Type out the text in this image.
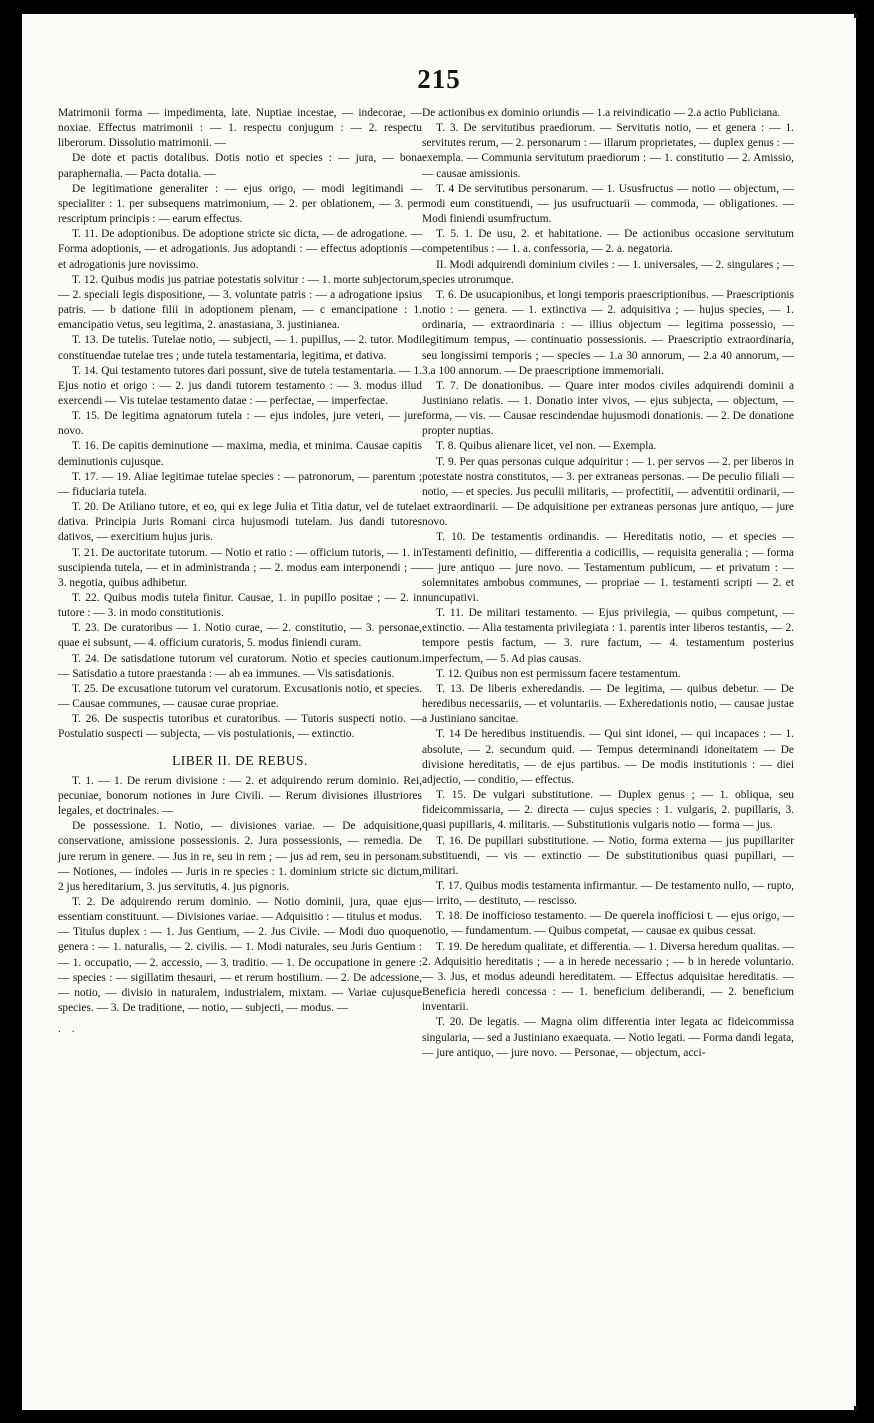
215

Matrimonii forma — impedimenta, late. Nuptiae incestae, — indecorae, — noxiae. Effectus matrimonii : — 1. respectu conjugum : — 2. respectu liberorum. Dissolutio matrimonii. —

De dote et pactis dotalibus. Dotis notio et species : — jura, — bona paraphernalia. — Pacta dotalia. —

De legitimatione generaliter : — ejus origo, — modi legitimandi — specialiter : 1. per subsequens matrimonium, — 2. per oblationem, — 3. per rescriptum principis : — earum effectus.

T. 11. De adoptionibus. De adoptione stricte sic dicta, — de adrogatione. — Forma adoptionis, — et adrogationis. Jus adoptandi : — effectus adoptionis — et adrogationis jure novissimo.

T. 12. Quibus modis jus patriae potestatis solvitur : — 1. morte subjectorum, — 2. speciali legis dispositione, — 3. voluntate patris : — a adrogatione ipsius patris. — b datione filii in adoptionem plenam, — c emancipatione : 1. emancipatio vetus, seu legitima, 2. anastasiana, 3. justinianea.

T. 13. De tutelis. Tutelae notio, — subjecti, — 1. pupillus, — 2. tutor. Modi constituendae tutelae tres ; unde tutela testamentaria, legitima, et dativa.

T. 14. Qui testamento tutores dari possunt, sive de tutela testamentaria. — 1. Ejus notio et origo : — 2. jus dandi tutorem testamento : — 3. modus illud exercendi — Vis tutelae testamento datae : — perfectae, — imperfectae.

T. 15. De legitima agnatorum tutela : — ejus indoles, jure veteri, — jure novo.

T. 16. De capitis deminutione — maxima, media, et minima. Causae capitis deminutionis cujusque.

T. 17. — 19. Aliae legitimae tutelae species : — patronorum, — parentum ; — fiduciaria tutela.

T. 20. De Atiliano tutore, et eo, qui ex lege Julia et Titia datur, vel de tutela dativa. Principia Juris Romani circa hujusmodi tutelam. Jus dandi tutores dativos, — exercitium hujus juris.

T. 21. De auctoritate tutorum. — Notio et ratio : — officium tutoris, — 1. in suscipienda tutela, — et in administranda ; — 2. modus eam interponendi ; — 3. negotia, quibus adhibetur.

T. 22. Quibus modis tutela finitur. Causae, 1. in pupillo positae ; — 2. in tutore : — 3. in modo constitutionis.

T. 23. De curatoribus — 1. Notio curae, — 2. constitutio, — 3. personae, quae ei subsunt, — 4. officium curatoris, 5. modus finiendi curam.

T. 24. De satisdatione tutorum vel curatorum. Notio et species cautionum. — Satisdatio a tutore praestanda : — ab ea immunes. — Vis satisdationis.

T. 25. De excusatione tutorum vel curatorum. Excusationis notio, et species. — Causae communes, — causae curae propriae.

T. 26. De suspectis tutoribus et curatoribus. — Tutoris suspecti notio. — Postulatio suspecti — subjecta, — vis postulationis, — extinctio.

LIBER II. DE REBUS.

T. 1. — 1. De rerum divisione : — 2. et adquirendo rerum dominio. Rei, pecuniae, bonorum notiones in Jure Civili. — Rerum divisiones illustriores legales, et doctrinales. —

De possessione. 1. Notio, — divisiones variae. — De adquisitione, conservatione, amissione possessionis. 2. Jura possessionis, — remedia. De jure rerum in genere. — Jus in re, seu in rem ; — jus ad rem, seu in personam. — Notiones, — indoles — Juris in re species : 1. dominium stricte sic dictum, 2 jus hereditarium, 3. jus servitutis, 4. jus pignoris.

T. 2. De adquirendo rerum dominio. — Notio dominii, jura, quae ejus essentiam constituunt. — Divisiones variae. — Adquisitio : — titulus et modus. — Titulus duplex : — 1. Jus Gentium, — 2. Jus Civile. — Modi duo quoque genera : — 1. naturalis, — 2. civilis. — 1. Modi naturales, seu Juris Gentium : — 1. occupatio, — 2. accessio, — 3. traditio. — 1. De occupatione in genere : — species : — sigillatim thesauri, — et rerum hostilium. — 2. De adcessione, — notio, — divisio in naturalem, industrialem, mixtam. — Variae cujusque species. — 3. De traditione, — notio, — subjecti, — modus. —

. .

De actionibus ex dominio oriundis — 1.a reivindicatio — 2.a actio Publiciana.

T. 3. De servitutibus praediorum. — Servitutis notio, — et genera : — 1. servitutes rerum, — 2. personarum : — illarum proprietates, — duplex genus : — exempla. — Communia servitutum praediorum : — 1. constitutio — 2. Amissio, — causae amissionis.

T. 4 De servitutibus personarum. — 1. Ususfructus — notio — objectum, — modi eum constituendi, — jus usufructuarii — commoda, — obligationes. — Modi finiendi usumfructum.

T. 5. 1. De usu, 2. et habitatione. — De actionibus occasione servitutum competentibus : — 1. a. confessoria, — 2. a. negatoria.

II. Modi adquirendi dominium civiles : — 1. universales, — 2. singulares ; — species utrorumque.

T. 6. De usucapionibus, et longi temporis praescriptionibus. — Praescriptionis notio : — genera. — 1. extinctiva — 2. adquisitiva ; — hujus species, — 1. ordinaria, — extraordinaria : — illius objectum — legitima possessio, — legitimum tempus, — continuatio possessionis. — Praescriptio extraordinaria, seu longissimi temporis ; — species — 1.a 30 annorum, — 2.a 40 annorum, — 3.a 100 annorum. — De praescriptione immemoriali.

T. 7. De donationibus. — Quare inter modos civiles adquirendi dominii a Justiniano relatis. — 1. Donatio inter vivos, — ejus subjecta, — objectum, — forma, — vis. — Causae rescindendae hujusmodi donationis. — 2. De donatione propter nuptias.

T. 8. Quibus alienare licet, vel non. — Exempla.

T. 9. Per quas personas cuique adquiritur : — 1. per servos — 2. per liberos in potestate nostra constitutos, — 3. per extraneas personas. — De peculio filiali — notio, — et species. Jus peculii militaris, — profectitii, — adventitii ordinarii, — et extraordinarii. — De adquisitione per extraneas personas jure antiquo, — jure novo.

T. 10. De testamentis ordinandis. — Hereditatis notio, — et species — Testamenti definitio, — differentia a codicillis, — requisita generalia ; — forma — jure antiquo — jure novo. — Testamentum publicum, — et privatum : — solemnitates ambobus communes, — propriae — 1. testamenti scripti — 2. et nuncupativi.

T. 11. De militari testamento. — Ejus privilegia, — quibus competunt, — extinctio. — Alia testamenta privilegiata : 1. parentis inter liberos testantis, — 2. tempore pestis factum, — 3. rure factum, — 4. testamentum posterius imperfectum, — 5. Ad pias causas.

T. 12. Quibus non est permissum facere testamentum.

T. 13. De liberis exheredandis. — De legitima, — quibus debetur. — De heredibus necessariis, — et voluntariis. — Exheredationis notio, — causae justae a Justiniano sancitae.

T. 14 De heredibus instituendis. — Qui sint idonei, — qui incapaces : — 1. absolute, — 2. secundum quid. — Tempus determinandi idoneitatem — De divisione hereditatis, — de ejus partibus. — De modis institutionis : — diei adjectio, — conditio, — effectus.

T. 15. De vulgari substitutione. — Duplex genus ; — 1. obliqua, seu fideicommissaria, — 2. directa — cujus species : 1. vulgaris, 2. pupillaris, 3. quasi pupillaris, 4. militaris. — Substitutionis vulgaris notio — forma — jus.

T. 16. De pupillari substitutione. — Notio, forma externa — jus pupillariter substituendi, — vis — extinctio — De substitutionibus quasi pupillari, — militari.

T. 17. Quibus modis testamenta infirmantur. — De testamento nullo, — rupto, — irrito, — destituto, — rescisso.

T. 18. De inofficioso testamento. — De querela inofficiosi t. — ejus origo, — notio, — fundamentum. — Quibus competat, — causae ex quibus cessat.

T. 19. De heredum qualitate, et differentia. — 1. Diversa heredum qualitas. — 2. Adquisitio hereditatis ; — a in herede necessario ; — b in herede voluntario. — 3. Jus, et modus adeundi hereditatem. — Effectus adquisitae hereditatis. — Beneficia heredi concessa : — 1. beneficium deliberandi, — 2. beneficium inventarii.

T. 20. De legatis. — Magna olim differentia inter legata ac fideicommissa singularia, — sed a Justiniano exaequata. — Notio legati. — Forma dandi legata, — jure antiquo, — jure novo. — Personae, — objectum, acci-
